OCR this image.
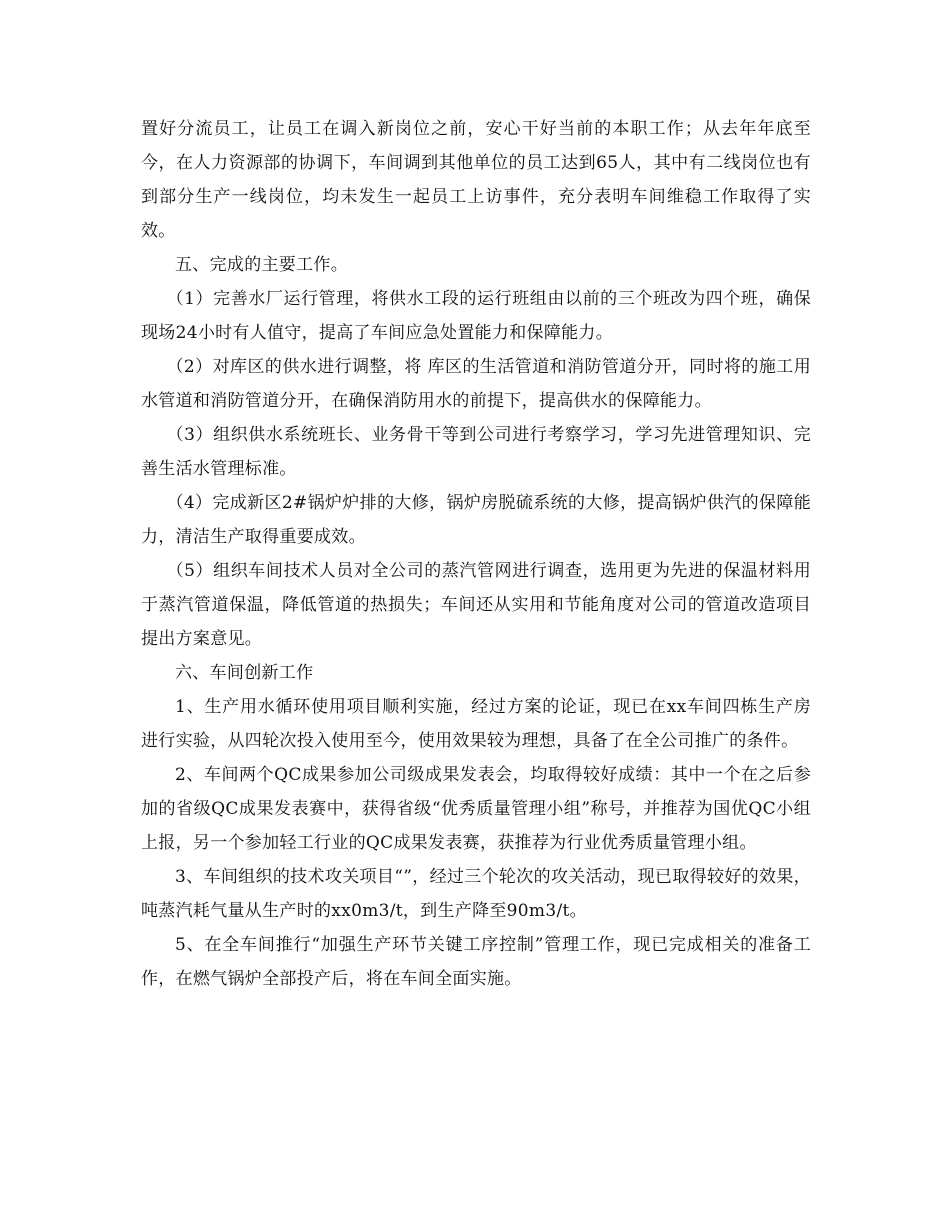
置好分流员工，让员工在调入新岗位之前，安心干好当前的本职工作；从去年年底至今，在人力资源部的协调下，车间调到其他单位的员工达到65人，其中有二线岗位也有到部分生产一线岗位，均未发生一起员工上访事件，充分表明车间维稳工作取得了实效。

五、完成的主要工作。

（1）完善水厂运行管理，将供水工段的运行班组由以前的三个班改为四个班，确保现场24小时有人值守，提高了车间应急处置能力和保障能力。

（2）对库区的供水进行调整，将 库区的生活管道和消防管道分开，同时将的施工用水管道和消防管道分开，在确保消防用水的前提下，提高供水的保障能力。

（3）组织供水系统班长、业务骨干等到公司进行考察学习，学习先进管理知识、完善生活水管理标准。

（4）完成新区2#锅炉炉排的大修，锅炉房脱硫系统的大修，提高锅炉供汽的保障能力，清洁生产取得重要成效。

（5）组织车间技术人员对全公司的蒸汽管网进行调查，选用更为先进的保温材料用于蒸汽管道保温，降低管道的热损失；车间还从实用和节能角度对公司的管道改造项目提出方案意见。

六、车间创新工作

1、生产用水循环使用项目顺利实施，经过方案的论证，现已在xx车间四栋生产房进行实验，从四轮次投入使用至今，使用效果较为理想，具备了在全公司推广的条件。

2、车间两个QC成果参加公司级成果发表会，均取得较好成绩：其中一个在之后参加的省级QC成果发表赛中，获得省级“优秀质量管理小组”称号，并推荐为国优QC小组上报，另一个参加轻工行业的QC成果发表赛，获推荐为行业优秀质量管理小组。

3、车间组织的技术攻关项目“”，经过三个轮次的攻关活动，现已取得较好的效果，吨蒸汽耗气量从生产时的xx0m3/t，到生产降至90m3/t。

5、在全车间推行“加强生产环节关键工序控制”管理工作，现已完成相关的准备工作，在燃气锅炉全部投产后，将在车间全面实施。
